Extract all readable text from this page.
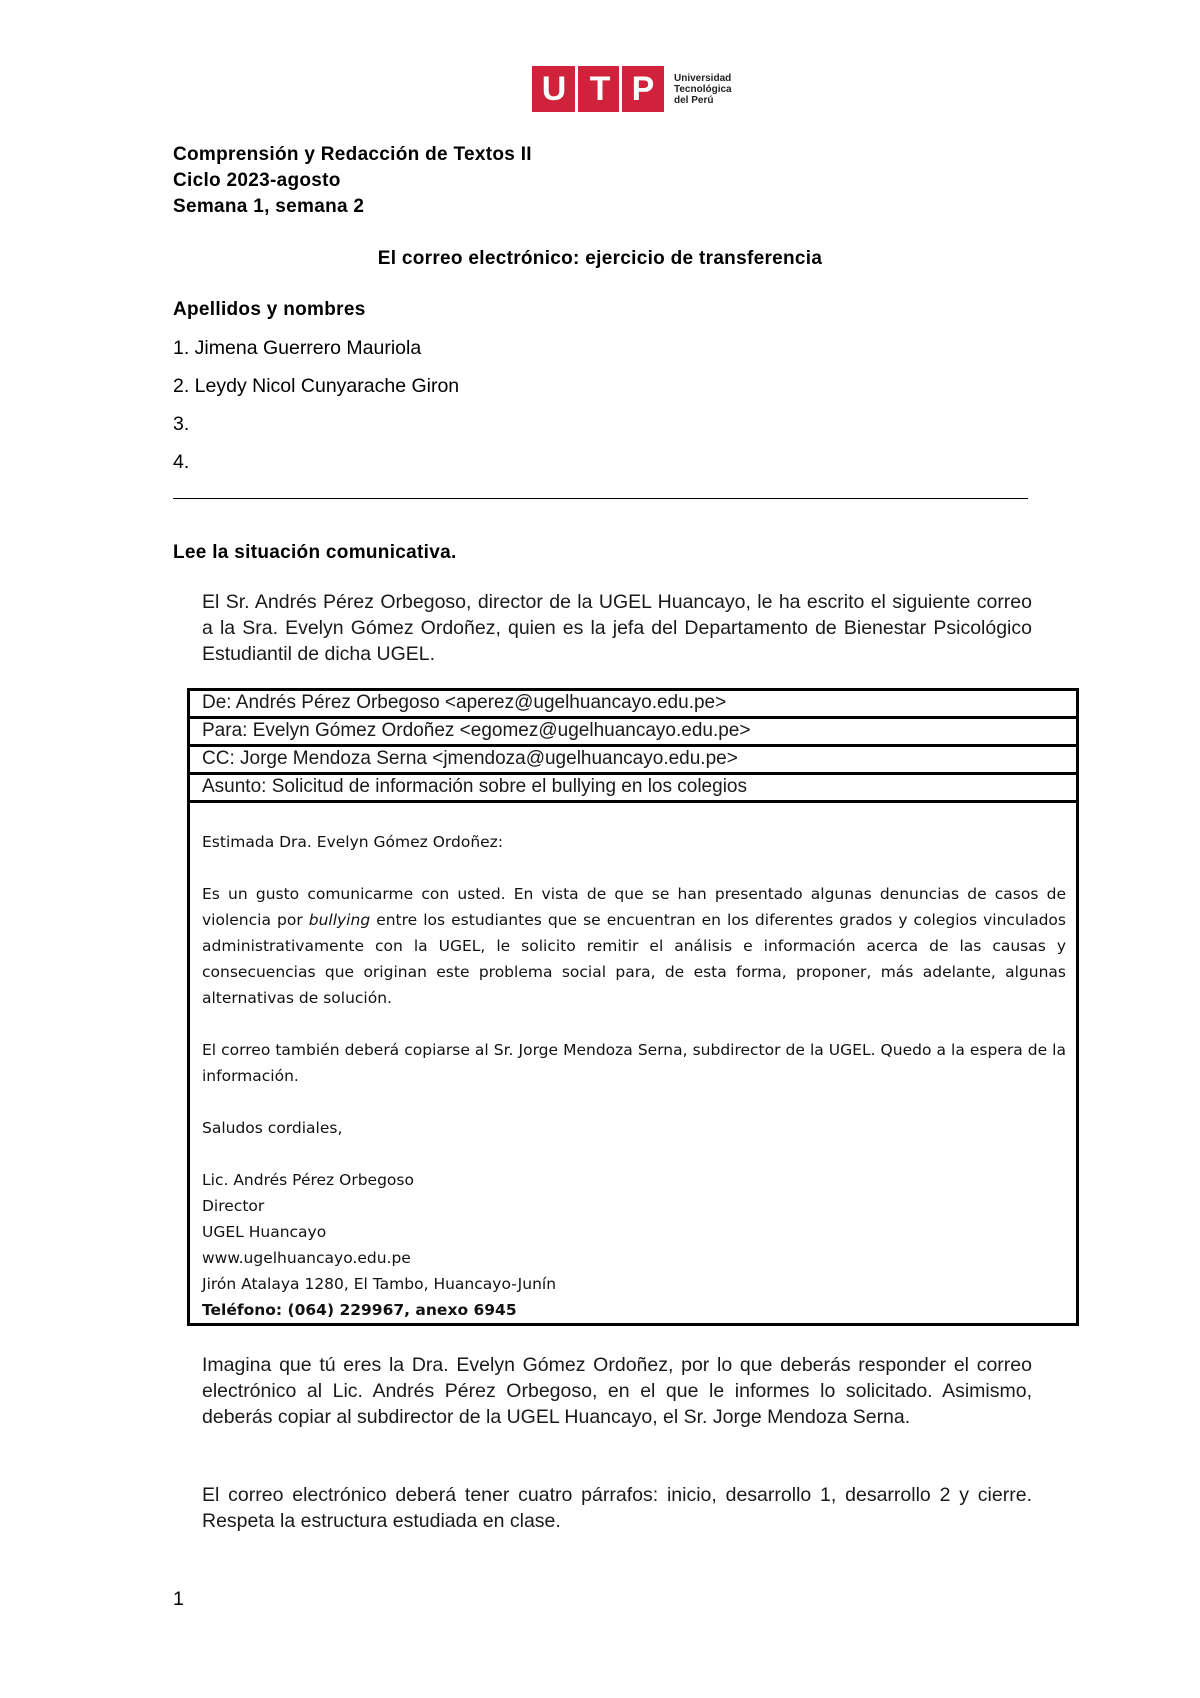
U T P	Universidad
Tecnológica
del Perú
Comprensión y Redacción de Textos II
Ciclo 2023-agosto
Semana 1, semana 2
El correo electrónico: ejercicio de transferencia
Apellidos y nombres
1. Jimena Guerrero Mauriola
2. Leydy Nicol Cunyarache Giron
3.
4.
Lee la situación comunicativa.
El Sr. Andrés Pérez Orbegoso, director de la UGEL Huancayo, le ha escrito el siguiente correo a la Sra. Evelyn Gómez Ordoñez, quien es la jefa del Departamento de Bienestar Psicológico Estudiantil de dicha UGEL.
De: Andrés Pérez Orbegoso <aperez@ugelhuancayo.edu.pe>
Para: Evelyn Gómez Ordoñez <egomez@ugelhuancayo.edu.pe>
CC: Jorge Mendoza Serna <jmendoza@ugelhuancayo.edu.pe>
Asunto: Solicitud de información sobre el bullying en los colegios

Estimada Dra. Evelyn Gómez Ordoñez:

Es un gusto comunicarme con usted. En vista de que se han presentado algunas denuncias de casos de violencia por bullying entre los estudiantes que se encuentran en los diferentes grados y colegios vinculados administrativamente con la UGEL, le solicito remitir el análisis e información acerca de las causas y consecuencias que originan este problema social para, de esta forma, proponer, más adelante, algunas alternativas de solución.

El correo también deberá copiarse al Sr. Jorge Mendoza Serna, subdirector de la UGEL. Quedo a la espera de la información.

Saludos cordiales,

Lic. Andrés Pérez Orbegoso
Director
UGEL Huancayo
www.ugelhuancayo.edu.pe
Jirón Atalaya 1280, El Tambo, Huancayo-Junín
Teléfono: (064) 229967, anexo 6945
Imagina que tú eres la Dra. Evelyn Gómez Ordoñez, por lo que deberás responder el correo electrónico al Lic. Andrés Pérez Orbegoso, en el que le informes lo solicitado. Asimismo, deberás copiar al subdirector de la UGEL Huancayo, el Sr. Jorge Mendoza Serna.
El correo electrónico deberá tener cuatro párrafos: inicio, desarrollo 1, desarrollo 2 y cierre. Respeta la estructura estudiada en clase.
1
